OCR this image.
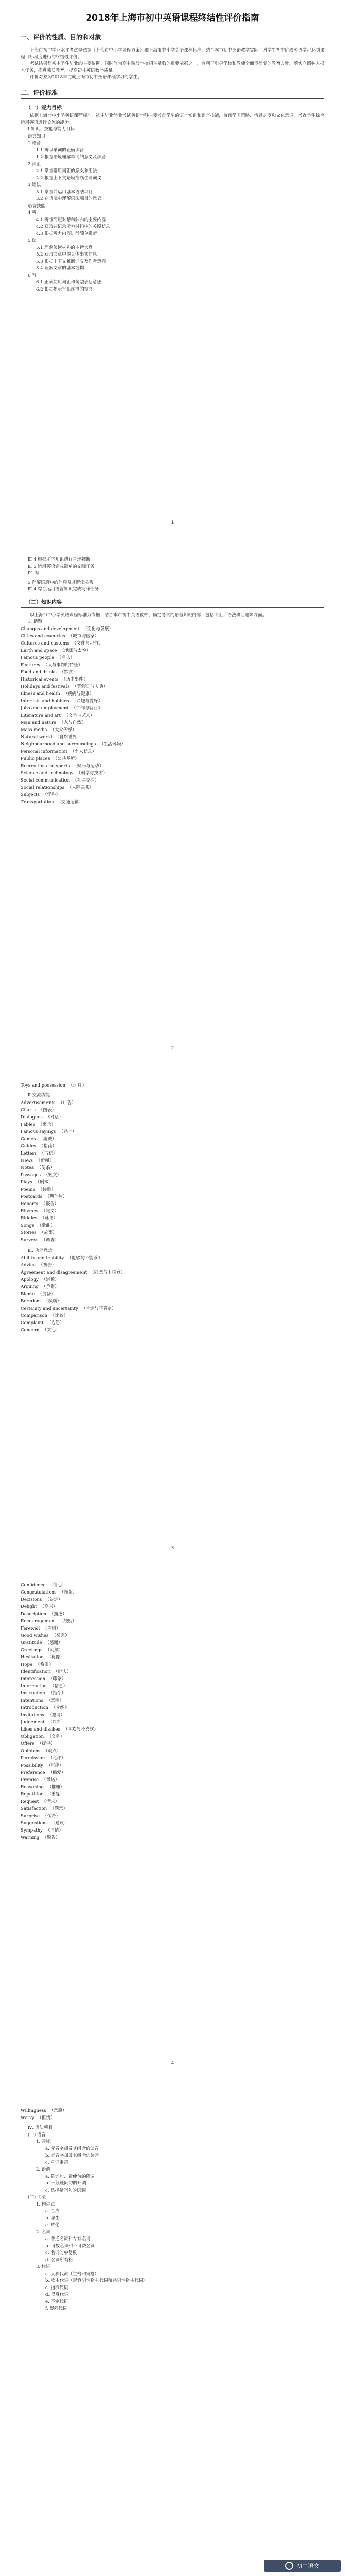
2018年上海市初中英语课程终结性评价指南
一、评价的性质、目的和对象

上海市初中学业水平考试是依据《上海市中小学课程方案》和上海市中小学英语课程标准，结合本市初中英语教学实际，对学生初中阶段英语学习达到课程目标程度进行的终结性评价。

考试结果是初中学生毕业的主要依据，同时作为高中阶段学校招生录取的重要依据之一，有利于引导学校和教师全面贯彻党的教育方针，落实立德树人根本任务，推进素质教育，提高初中英语教学质量。

评价对象为2018年完成上海市初中英语课程学习的学生。

二、评价标准
（一）能力目标

依据上海市中小学英语课程标准，初中毕业学业考试英语学科主要考查学生的语言知识和语言技能，兼顾学习策略、情感态度和文化意识，考查学生综合运用英语进行交流的能力。

Ⅰ 知识、技能与能力目标

语言知识

1 语音

1.1 辨识单词的正确读音

1.2 根据语境理解单词的意义及读音

2 词汇

2.1 掌握常用词汇的意义和用法

2.2 根据上下文语境推断生词词义

3 语法

3.1 掌握并运用基本语法项目

3.2 在语境中理解语法项目的意义

语言技能

4 听

4.1 听懂简短对话和独白的主要内容

4.2 获取并记录听力材料中的关键信息

4.3 根据听力内容进行简单推断

5 读

5.1 理解阅读材料的主旨大意

5.2 获取文章中的具体事实信息

5.3 根据上下文推断词义及作者意图

5.4 理解文章的基本结构

6 写

6.1 正确使用词汇和句型表达意思

6.2 根据提示写出连贯的短文

1

Ⅲ 4 根据所学知识进行合理推断

Ⅲ 5 运用英语完成简单的交际任务

P1 写

5 理解语篇中的信息及其逻辑关系

Ⅲ 4 综合运用语言知识完成写作任务

（二）知识内容

以上海市中小学英语课程标准为依据，结合本市初中英语教材，确定考试的语言知识内容，包括词汇、语法和话题等方面。

1. 话题

Changes and development （变化与发展）
Cities and countries （城市与国家）
Cultures and customs （文化与习俗）
Earth and space （地球与太空）
Famous people （名人）
Features （人与事物的特征）
Food and drinks （饮食）
Historical events （历史事件）
Holidays and festivals （节假日与庆典）
Illness and health （疾病与健康）
Interests and hobbies （兴趣与爱好）
Jobs and employment （工作与就业）
Literature and art （文学与艺术）
Man and nature （人与自然）
Mass media （大众传媒）
Natural world （自然世界）
Neighbourhood and surroundings （生活环境）
Personal information （个人信息）
Public places （公共场所）
Recreation and sports （娱乐与运动）
Science and technology （科学与技术）
Social communication （社会交往）
Social relationships （人际关系）
Subjects （学科）
Transportation （交通运输）
2
Toys and possession （玩具）

Ⅱ 交流功能

Advertisements （广告）
Charts （图表）
Dialogues （对话）
Fables （寓言）
Famous sayings （名言）
Games （游戏）
Guides （指南）
Letters （书信）
News （新闻）
Notes （便条）
Passages （短文）
Plays （剧本）
Poems （诗歌）
Postcards （明信片）
Reports （报告）
Rhymes （韵文）
Riddles （谜语）
Songs （歌曲）
Stories （故事）
Surveys （调查）

Ⅲ. 功能意念

Ability and inability （能够与不能够）
Advice （劝告）
Agreement and disagreement （同意与不同意）
Apology （道歉）
Arguing （争辩）
Blame （责备）
Boredom （厌烦）
Certainty and uncertainty （肯定与不肯定）
Comparison （比较）
Complaint （抱怨）
Concern （关心）
3
Confidence （信心）
Congratulations （祝贺）
Decisions （决定）
Delight （高兴）
Description （描述）
Encouragement （鼓励）
Farewell （告别）
Good wishes （祝愿）
Gratitude （感谢）
Greetings （问候）
Hesitation （犹豫）
Hope （希望）
Identification （辨认）
Impression （印象）
Information （信息）
Instruction （指令）
Intentions （意图）
Introduction （介绍）
Invitations （邀请）
Judgement （判断）
Likes and dislikes （喜欢与不喜欢）
Obligation （义务）
Offers （提供）
Opinions （观点）
Permission （允许）
Possibility （可能）
Preference （偏爱）
Promise （承诺）
Reasoning （推理）
Repetition （重复）
Request （请求）
Satisfaction （满意）
Surprise （惊奇）
Suggestions （建议）
Sympathy （同情）
Warning （警告）
4
Willingness （意愿）
Worry （担忧）

Ⅳ. 语法项目

(一) 语音

1. 音标

a. 元音字母及其组合的读音

b. 辅音字母及其组合的读音

c. 单词重音

2. 语调

a. 陈述句、祈使句的降调

b. 一般疑问句的升调

c. 选择疑问句的语调

(二) 词法

1. 构词法

a. 合成

b. 派生

c. 转化

2. 名词

a. 普通名词和专有名词

b. 可数名词和不可数名词

c. 名词的单复数

d. 名词所有格

3. 代词

a. 人称代词（主格和宾格）

b. 物主代词（形容词性物主代词和名词性物主代词）

c. 指示代词

d. 反身代词

e. 不定代词

f. 疑问代词

初中语文
